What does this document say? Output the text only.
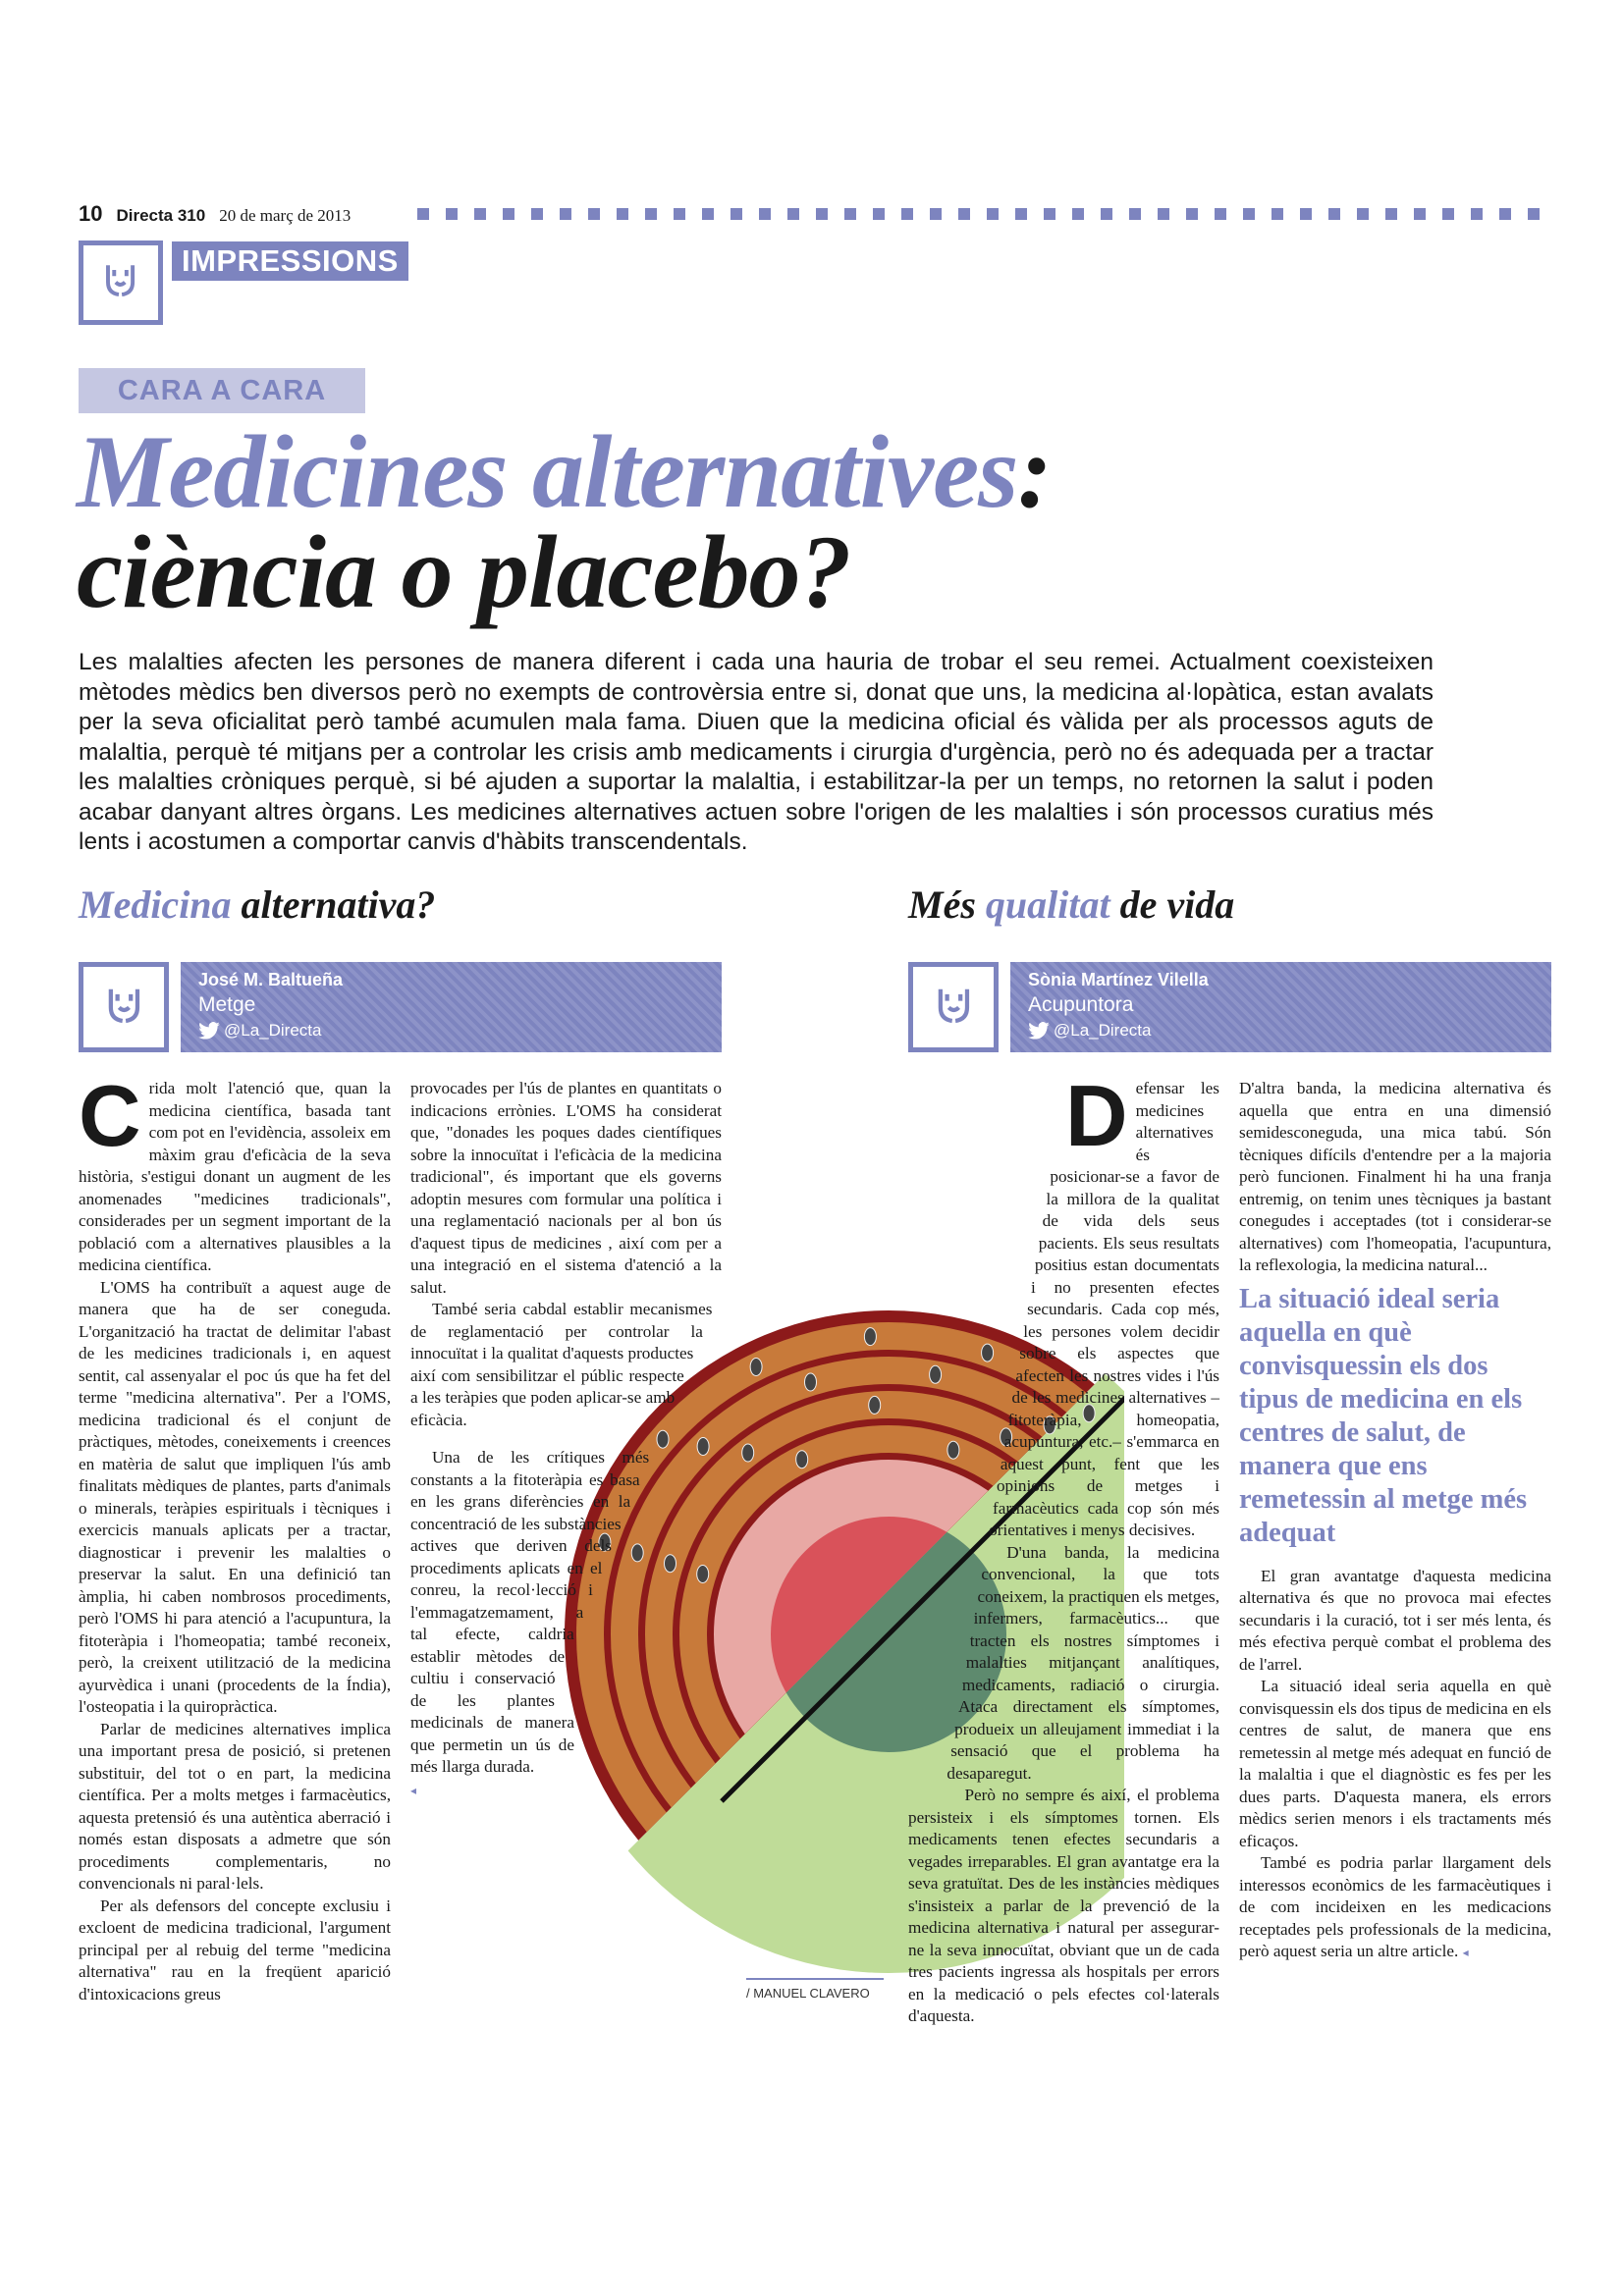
10 Directa 310 20 de març de 2013
IMPRESSIONS
CARA A CARA
Medicines alternatives:
ciència o placebo?
Les malalties afecten les persones de manera diferent i cada una hauria de trobar el seu remei. Actualment coexisteixen mètodes mèdics ben diversos però no exempts de controvèrsia entre si, donat que uns, la medicina al·lopàtica, estan avalats per la seva oficialitat però també acumulen mala fama. Diuen que la medicina oficial és vàlida per als processos aguts de malaltia, perquè té mitjans per a controlar les crisis amb medicaments i cirurgia d'urgència, però no és adequada per a tractar les malalties cròniques perquè, si bé ajuden a suportar la malaltia, i estabilitzar-la per un temps, no retornen la salut i poden acabar danyant altres òrgans. Les medicines alternatives actuen sobre l'origen de les malalties i són processos curatius més lents i acostumen a comportar canvis d'hàbits transcendentals.
Medicina alternativa?	Més qualitat de vida
José M. Baltueña
Metge
@La_Directa
Sònia Martínez Vilella
Acupuntora
@La_Directa

Crida molt l'atenció que, quan la medicina científica, basada tant com pot en l'evidència, assoleix em màxim grau d'eficàcia de la seva història, s'estigui donant un augment de les anomenades "medicines tradicionals", considerades per un segment important de la població com a alternatives plausibles a la medicina científica.

L'OMS ha contribuït a aquest auge de manera que ha de ser coneguda. L'organització ha tractat de delimitar l'abast de les medicines tradicionals i, en aquest sentit, cal assenyalar el poc ús que ha fet del terme "medicina alternativa". Per a l'OMS, medicina tradicional és el conjunt de pràctiques, mètodes, coneixements i creences en matèria de salut que impliquen l'ús amb finalitats mèdiques de plantes, parts d'animals o minerals, teràpies espirituals i tècniques i exercicis manuals aplicats per a tractar, diagnosticar i prevenir les malalties o preservar la salut. En una definició tan àmplia, hi caben nombrosos procediments, però l'OMS hi para atenció a l'acupuntura, la fitoteràpia i l'homeopatia; també reconeix, però, la creixent utilització de la medicina ayurvèdica i unani (procedents de la Índia), l'osteopatia i la quiropràctica.

Parlar de medicines alternatives implica una important presa de posició, si pretenen substituir, del tot o en part, la medicina científica. Per a molts metges i farmacèutics, aquesta pretensió és una autèntica aberració i només estan disposats a admetre que són procediments complementaris, no convencionals ni paral·lels.

Per als defensors del concepte exclusiu i excloent de medicina tradicional, l'argument principal per al rebuig del terme "medicina alternativa" rau en la freqüent aparició d'intoxicacions greus

provocades per l'ús de plantes en quantitats o indicacions errònies. L'OMS ha considerat que, "donades les poques dades científiques sobre la innocuïtat i l'eficàcia de la medicina tradicional", és important que els governs adoptin mesures com formular una política i una reglamentació nacionals per al bon ús d'aquest tipus de medicines , així com per a una integració en el sistema d'atenció a la salut.

També seria cabdal establir mecanismes de reglamentació per controlar la innocuïtat i la qualitat d'aquests productes així com sensibilitzar el públic respecte a les teràpies que poden aplicar-se amb eficàcia.

Una de les crítiques més constants a la fitoteràpia es basa en les grans diferències en la concentració de les substàncies actives que deriven dels procediments aplicats en el conreu, la recol·lecció i l'emmagatzemament, a tal efecte, caldria establir mètodes de cultiu i conservació de les plantes medicinals de manera que permetin un ús de més llarga durada.

◂

Defensar les medicines alternatives és posicionar-se a favor de la millora de la qualitat de vida dels seus pacients. Els seus resultats positius estan documentats i no presenten efectes secundaris. Cada cop més, les persones volem decidir sobre els aspectes que afecten les nostres vides i l'ús de les medicines alternatives –fitoteràpia, homeopatia, acupuntura, etc.– s'emmarca en aquest punt, fent que les opinions de metges i farmacèutics cada cop són més orientatives i menys decisives.

D'una banda, la medicina convencional, la que tots coneixem, la practiquen els metges, infermers, farmacèutics... que tracten els nostres símptomes i malalties mitjançant analítiques, medicaments, radiació o cirurgia. Ataca directament els símptomes, produeix un alleujament immediat i la sensació que el problema ha desaparegut.

Però no sempre és així, el problema persisteix i els símptomes tornen. Els medicaments tenen efectes secundaris a vegades irreparables. El gran avantatge era la seva gratuïtat. Des de les instàncies mèdiques s'insisteix a parlar de la prevenció de la medicina alternativa i natural per assegurar-ne la seva innocuïtat, obviant que un de cada tres pacients ingressa als hospitals per errors en la medicació o pels efectes col·laterals d'aquesta.

D'altra banda, la medicina alternativa és aquella que entra en una dimensió semidesconeguda, una mica tabú. Són tècniques difícils d'entendre per a la majoria però funcionen. Finalment hi ha una franja entremig, on tenim unes tècniques ja bastant conegudes i acceptades (tot i considerar-se alternatives) com l'homeopatia, l'acupuntura, la reflexologia, la medicina natural...

La situació ideal seria aquella en què convisquessin els dos tipus de medicina en els centres de salut, de manera que ens remetessin al metge més adequat

El gran avantatge d'aquesta medicina alternativa és que no provoca mai efectes secundaris i la curació, tot i ser més lenta, és més efectiva perquè combat el problema des de l'arrel.

La situació ideal seria aquella en què convisquessin els dos tipus de medicina en els centres de salut, de manera que ens remetessin al metge més adequat en funció de la malaltia i que el diagnòstic es fes per les dues parts. D'aquesta manera, els errors mèdics serien menors i els tractaments més eficaços.

També es podria parlar llargament dels interessos econòmics de les farmacèutiques i de com incideixen en les medicacions receptades pels professionals de la medicina, però aquest seria un altre article. ◂

/ MANUEL CLAVERO
